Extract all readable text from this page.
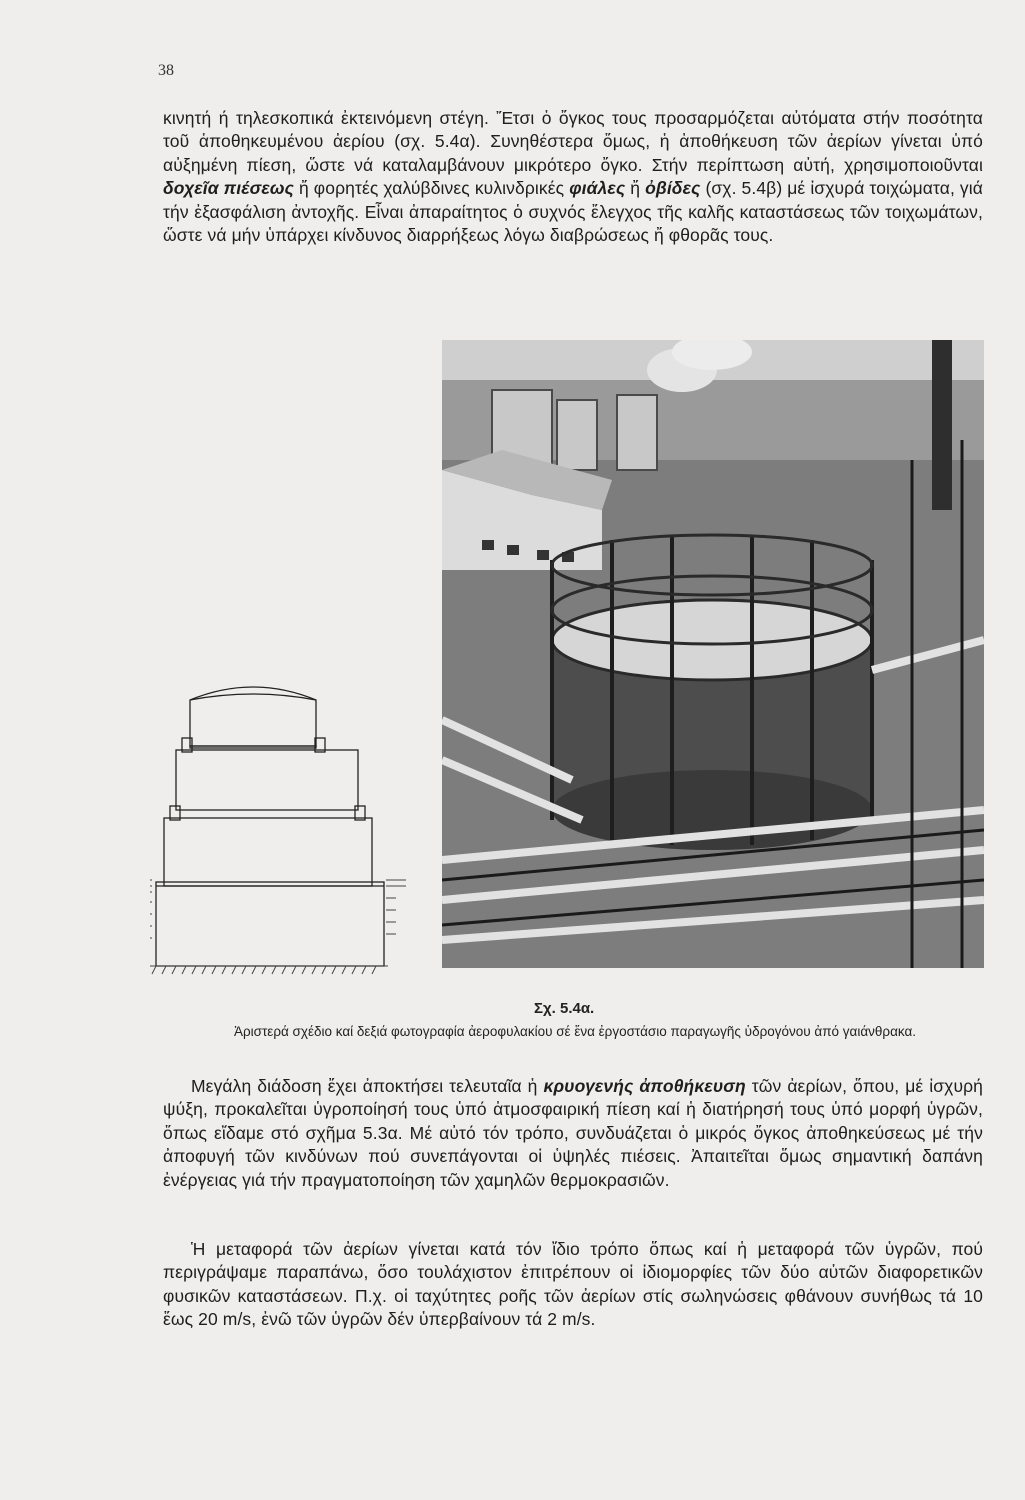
38
κινητή ή τηλεσκοπικά ἐκτεινόμενη στέγη. Ἔτσι ὁ ὄγκος τους προσαρμόζεται αὐτόματα στήν ποσότητα τοῦ ἀποθηκευμένου ἀερίου (σχ. 5.4α). Συνηθέστερα ὅμως, ἡ ἀποθήκευση τῶν ἀερίων γίνεται ὑπό αὐξημένη πίεση, ὥστε νά καταλαμβάνουν μικρότερο ὄγκο. Στήν περίπτωση αὐτή, χρησιμοποιοῦνται δοχεῖα πιέσεως ἤ φορητές χαλύβδινες κυλινδρικές φιάλες ἤ ὀβίδες (σχ. 5.4β) μέ ἰσχυρά τοιχώματα, γιά τήν ἐξασφάλιση ἀντοχῆς. Εἶναι ἀπαραίτητος ὁ συχνός ἔλεγχος τῆς καλῆς καταστάσεως τῶν τοιχωμάτων, ὥστε νά μήν ὑπάρχει κίνδυνος διαρρήξεως λόγω διαβρώσεως ἤ φθορᾶς τους.
Σχ. 5.4α.
Ἀριστερά σχέδιο καί δεξιά φωτογραφία ἀεροφυλακίου σέ ἕνα ἐργοστάσιο παραγωγῆς ὑδρογόνου ἀπό γαιάνθρακα.
Μεγάλη διάδοση ἔχει ἀποκτήσει τελευταῖα ἡ κρυογενής ἀποθήκευση τῶν ἀερίων, ὅπου, μέ ἰσχυρή ψύξη, προκαλεῖται ὑγροποίησή τους ὑπό ἀτμοσφαιρική πίεση καί ἡ διατήρησή τους ὑπό μορφή ὑγρῶν, ὅπως εἴδαμε στό σχῆμα 5.3α. Μέ αὐτό τόν τρόπο, συνδυάζεται ὁ μικρός ὄγκος ἀποθηκεύσεως μέ τήν ἀποφυγή τῶν κινδύνων πού συνεπάγονται οἱ ὑψηλές πιέσεις. Ἀπαιτεῖται ὅμως σημαντική δαπάνη ἐνέργειας γιά τήν πραγματοποίηση τῶν χαμηλῶν θερμοκρασιῶν.
Ἡ μεταφορά τῶν ἀερίων γίνεται κατά τόν ἴδιο τρόπο ὅπως καί ἡ μεταφορά τῶν ὑγρῶν, πού περιγράψαμε παραπάνω, ὅσο τουλάχιστον ἐπιτρέπουν οἱ ἰδιομορφίες τῶν δύο αὐτῶν διαφορετικῶν φυσικῶν καταστάσεων. Π.χ. οἱ ταχύτητες ροῆς τῶν ἀερίων στίς σωληνώσεις φθάνουν συνήθως τά 10 ἕως 20 m/s, ἐνῶ τῶν ὑγρῶν δέν ὑπερβαίνουν τά 2 m/s.
